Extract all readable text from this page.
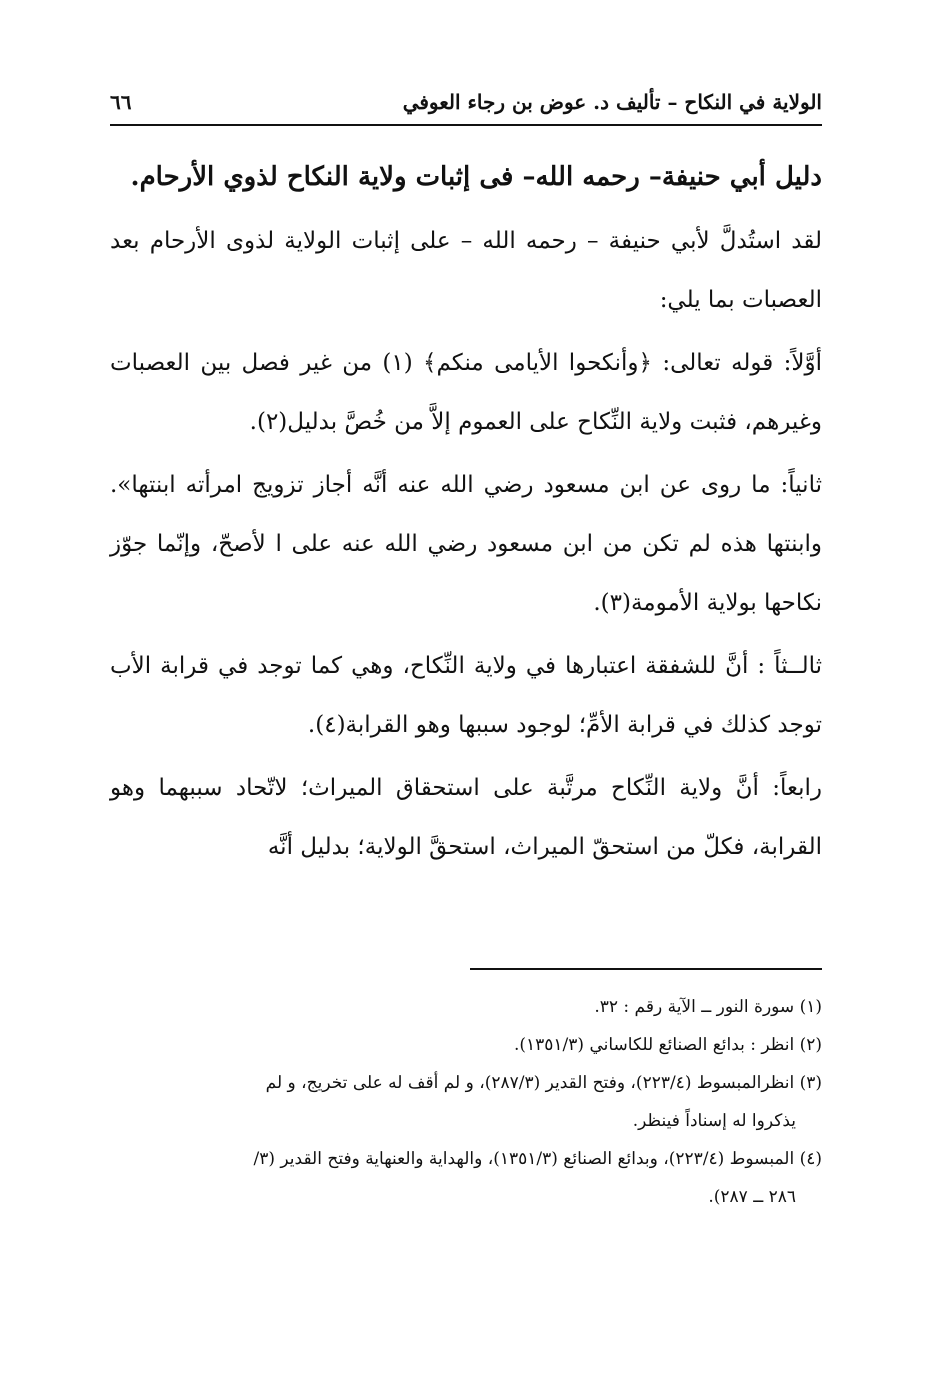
الولاية في النكاح – تأليف د. عوض بن رجاء العوفي
٦٦

دليل أبي حنيفة– رحمه الله– فى إثبات ولاية النكاح لذوي الأرحام.

لقد استُدلَّ لأبي حنيفة – رحمه الله – على إثبات الولاية لذوى الأرحام بعد العصبات بما يلي:

أوَّلاً: قوله تعالى: ﴿وأنكحوا الأيامى منكم﴾ (١) من غير فصل بين العصبات وغيرهم، فثبت ولاية النِّكاح على العموم إلاَّ من خُصَّ بدليل(٢).

ثانياً: ما روى عن ابن مسعود رضي الله عنه أنَّه أجاز تزويج امرأته ابنتها». وابنتها هذه لم تكن من ابن مسعود رضي الله عنه على ا لأصحّ، وإنّما جوّز نكاحها بولاية الأمومة(٣).

ثالــثاً : أنَّ للشفقة اعتبارها في ولاية النِّكاح، وهي كما توجد في قرابة الأب توجد كذلك في قرابة الأمِّ؛ لوجود سببها وهو القرابة(٤).

رابعاً: أنَّ ولاية النِّكاح مرتَّبة على استحقاق الميراث؛ لاتّحاد سببهما وهو القرابة، فكلّ من استحقّ الميراث، استحقَّ الولاية؛ بدليل أنَّه

(١) سورة النور ــ الآية رقم : ٣٢.

(٢) انظر : بدائع الصنائع للكاساني (١٣٥١/٣).

(٣) انظرالمبسوط (٢٢٣/٤)، وفتح القدير (٢٨٧/٣)، و لم أقف له على تخريج، و لم

يذكروا له إسناداً فينظر.

(٤) المبسوط (٢٢٣/٤)، وبدائع الصنائع (١٣٥١/٣)، والهداية والعنهاية وفتح القدير (٣/

٢٨٦ ــ ٢٨٧).
